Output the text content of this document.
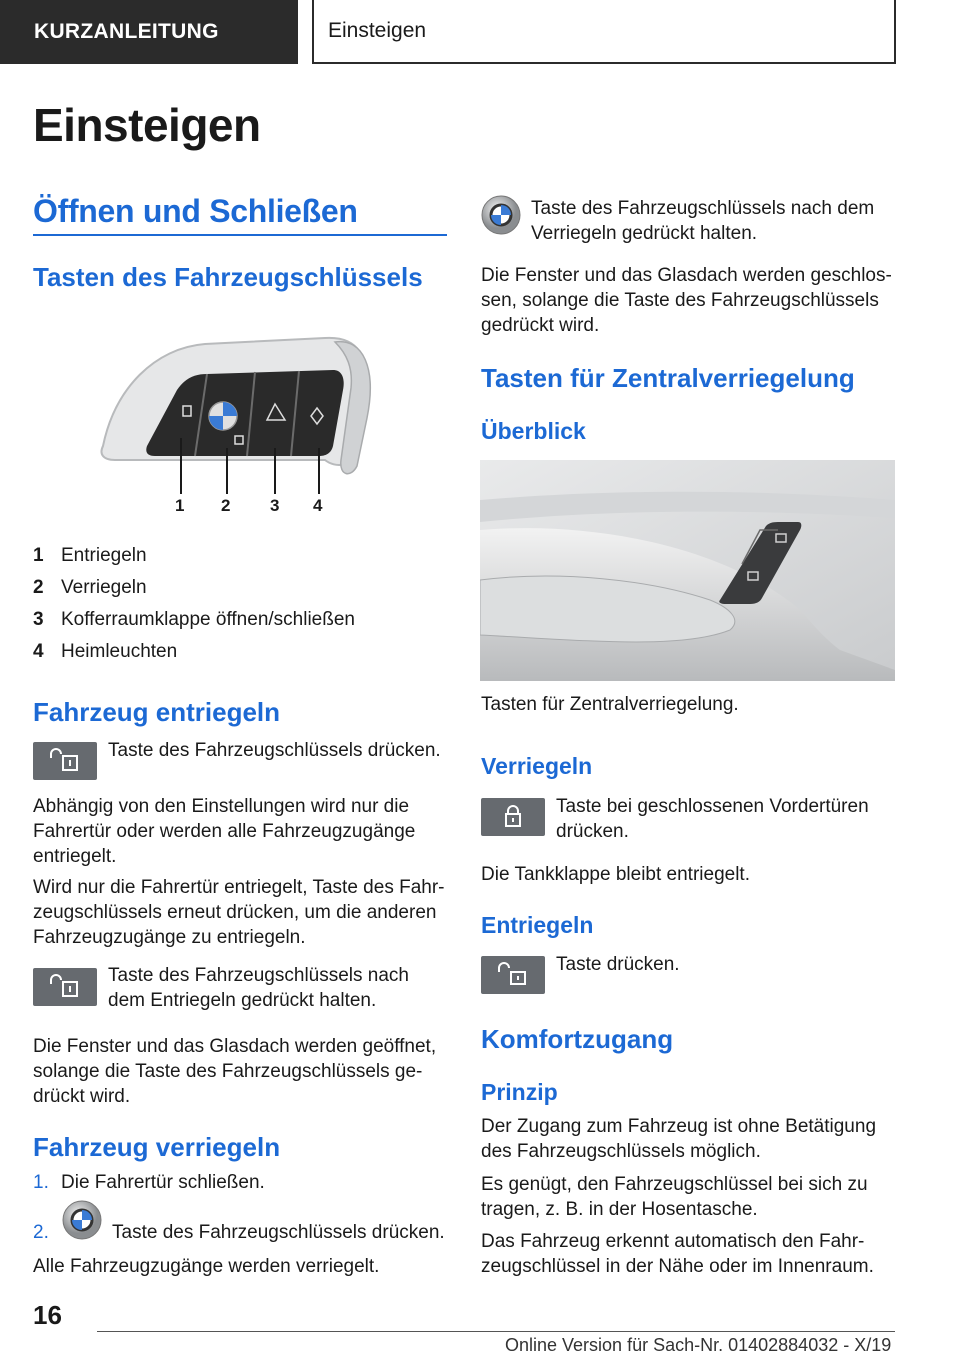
KURZANLEITUNG	Einsteigen
Einsteigen
Öffnen und Schließen
Tasten des Fahrzeugschlüssels
1 2 3 4
1 Entriegeln
2 Verriegeln
3 Kofferraumklappe öffnen/schließen
4 Heimleuchten
Fahrzeug entriegeln
Taste des Fahrzeugschlüssels drücken.
Abhängig von den Einstellungen wird nur die
Fahrertür oder werden alle Fahrzeugzugänge
entriegelt.
Wird nur die Fahrertür entriegelt, Taste des Fahr-
zeugschlüssels erneut drücken, um die anderen
Fahrzeugzugänge zu entriegeln.
Taste des Fahrzeugschlüssels nach
dem Entriegeln gedrückt halten.
Die Fenster und das Glasdach werden geöffnet,
solange die Taste des Fahrzeugschlüssels ge-
drückt wird.
Fahrzeug verriegeln
1. Die Fahrertür schließen.
2.	Taste des Fahrzeugschlüssels drücken.
Alle Fahrzeugzugänge werden verriegelt.
Taste des Fahrzeugschlüssels nach dem
Verriegeln gedrückt halten.
Die Fenster und das Glasdach werden geschlos-
sen, solange die Taste des Fahrzeugschlüssels
gedrückt wird.
Tasten für Zentralverriegelung
Überblick
Tasten für Zentralverriegelung.
Verriegeln
Taste bei geschlossenen Vordertüren
drücken.
Die Tankklappe bleibt entriegelt.
Entriegeln
Taste drücken.
Komfortzugang
Prinzip
Der Zugang zum Fahrzeug ist ohne Betätigung
des Fahrzeugschlüssels möglich.
Es genügt, den Fahrzeugschlüssel bei sich zu
tragen, z. B. in der Hosentasche.
Das Fahrzeug erkennt automatisch den Fahr-
zeugschlüssel in der Nähe oder im Innenraum.
16
Online Version für Sach-Nr. 01402884032 - X/19
